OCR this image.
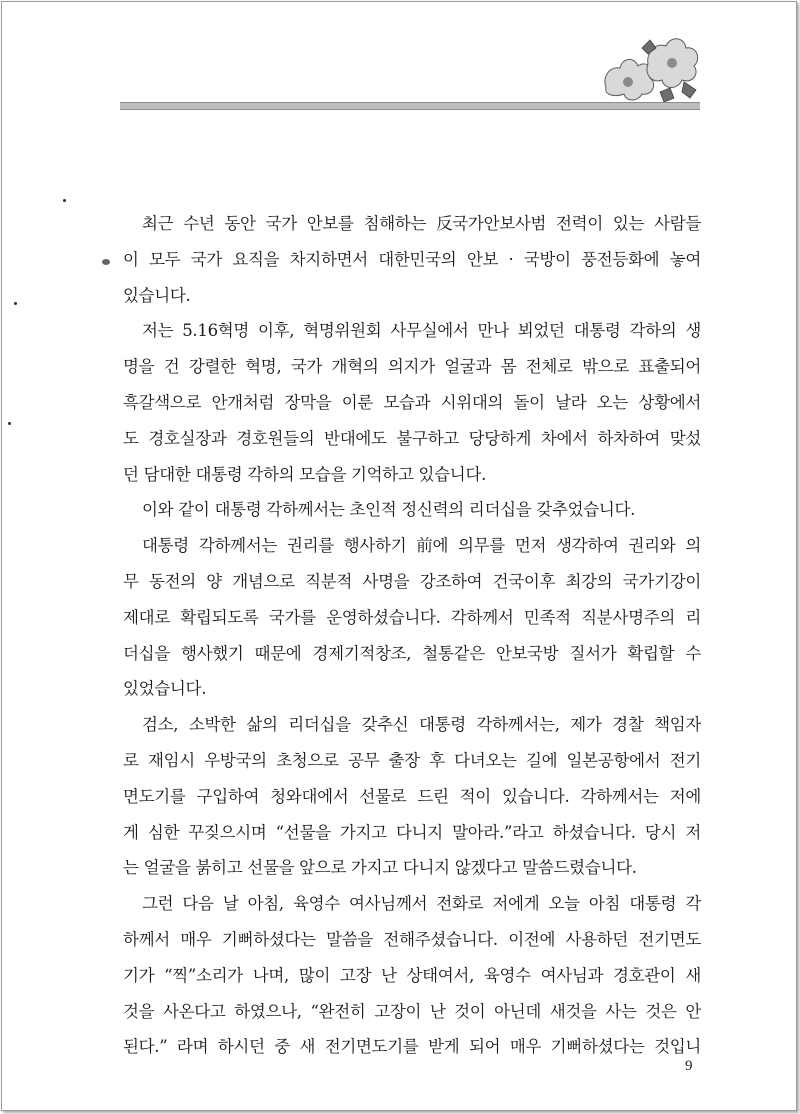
최근 수년 동안 국가 안보를 침해하는 反국가안보사범 전력이 있는 사람들
이 모두 국가 요직을 차지하면서 대한민국의 안보 · 국방이 풍전등화에 놓여
있습니다.
저는 5.16혁명 이후, 혁명위원회 사무실에서 만나 뵈었던 대통령 각하의 생
명을 건 강렬한 혁명, 국가 개혁의 의지가 얼굴과 몸 전체로 밖으로 표출되어
흑갈색으로 안개처럼 장막을 이룬 모습과 시위대의 돌이 날라 오는 상황에서
도 경호실장과 경호원들의 반대에도 불구하고 당당하게 차에서 하차하여 맞섰
던 담대한 대통령 각하의 모습을 기억하고 있습니다.
이와 같이 대통령 각하께서는 초인적 정신력의 리더십을 갖추었습니다.
대통령 각하께서는 권리를 행사하기 前에 의무를 먼저 생각하여 권리와 의
무 동전의 양 개념으로 직분적 사명을 강조하여 건국이후 최강의 국가기강이
제대로 확립되도록 국가를 운영하셨습니다. 각하께서 민족적 직분사명주의 리
더십을 행사했기 때문에 경제기적창조, 철통같은 안보국방 질서가 확립할 수
있었습니다.
검소, 소박한 삶의 리더십을 갖추신 대통령 각하께서는, 제가 경찰 책임자
로 재임시 우방국의 초청으로 공무 출장 후 다녀오는 길에 일본공항에서 전기
면도기를 구입하여 청와대에서 선물로 드린 적이 있습니다. 각하께서는 저에
게 심한 꾸짖으시며 “선물을 가지고 다니지 말아라.”라고 하셨습니다. 당시 저
는 얼굴을 붉히고 선물을 앞으로 가지고 다니지 않겠다고 말씀드렸습니다.
그런 다음 날 아침, 육영수 여사님께서 전화로 저에게 오늘 아침 대통령 각
하께서 매우 기뻐하셨다는 말씀을 전해주셨습니다. 이전에 사용하던 전기면도
기가 “찍”소리가 나며, 많이 고장 난 상태여서, 육영수 여사님과 경호관이 새
것을 사온다고 하였으나, “완전히 고장이 난 것이 아닌데 새것을 사는 것은 안
된다.” 라며 하시던 중 새 전기면도기를 받게 되어 매우 기뻐하셨다는 것입니
9
